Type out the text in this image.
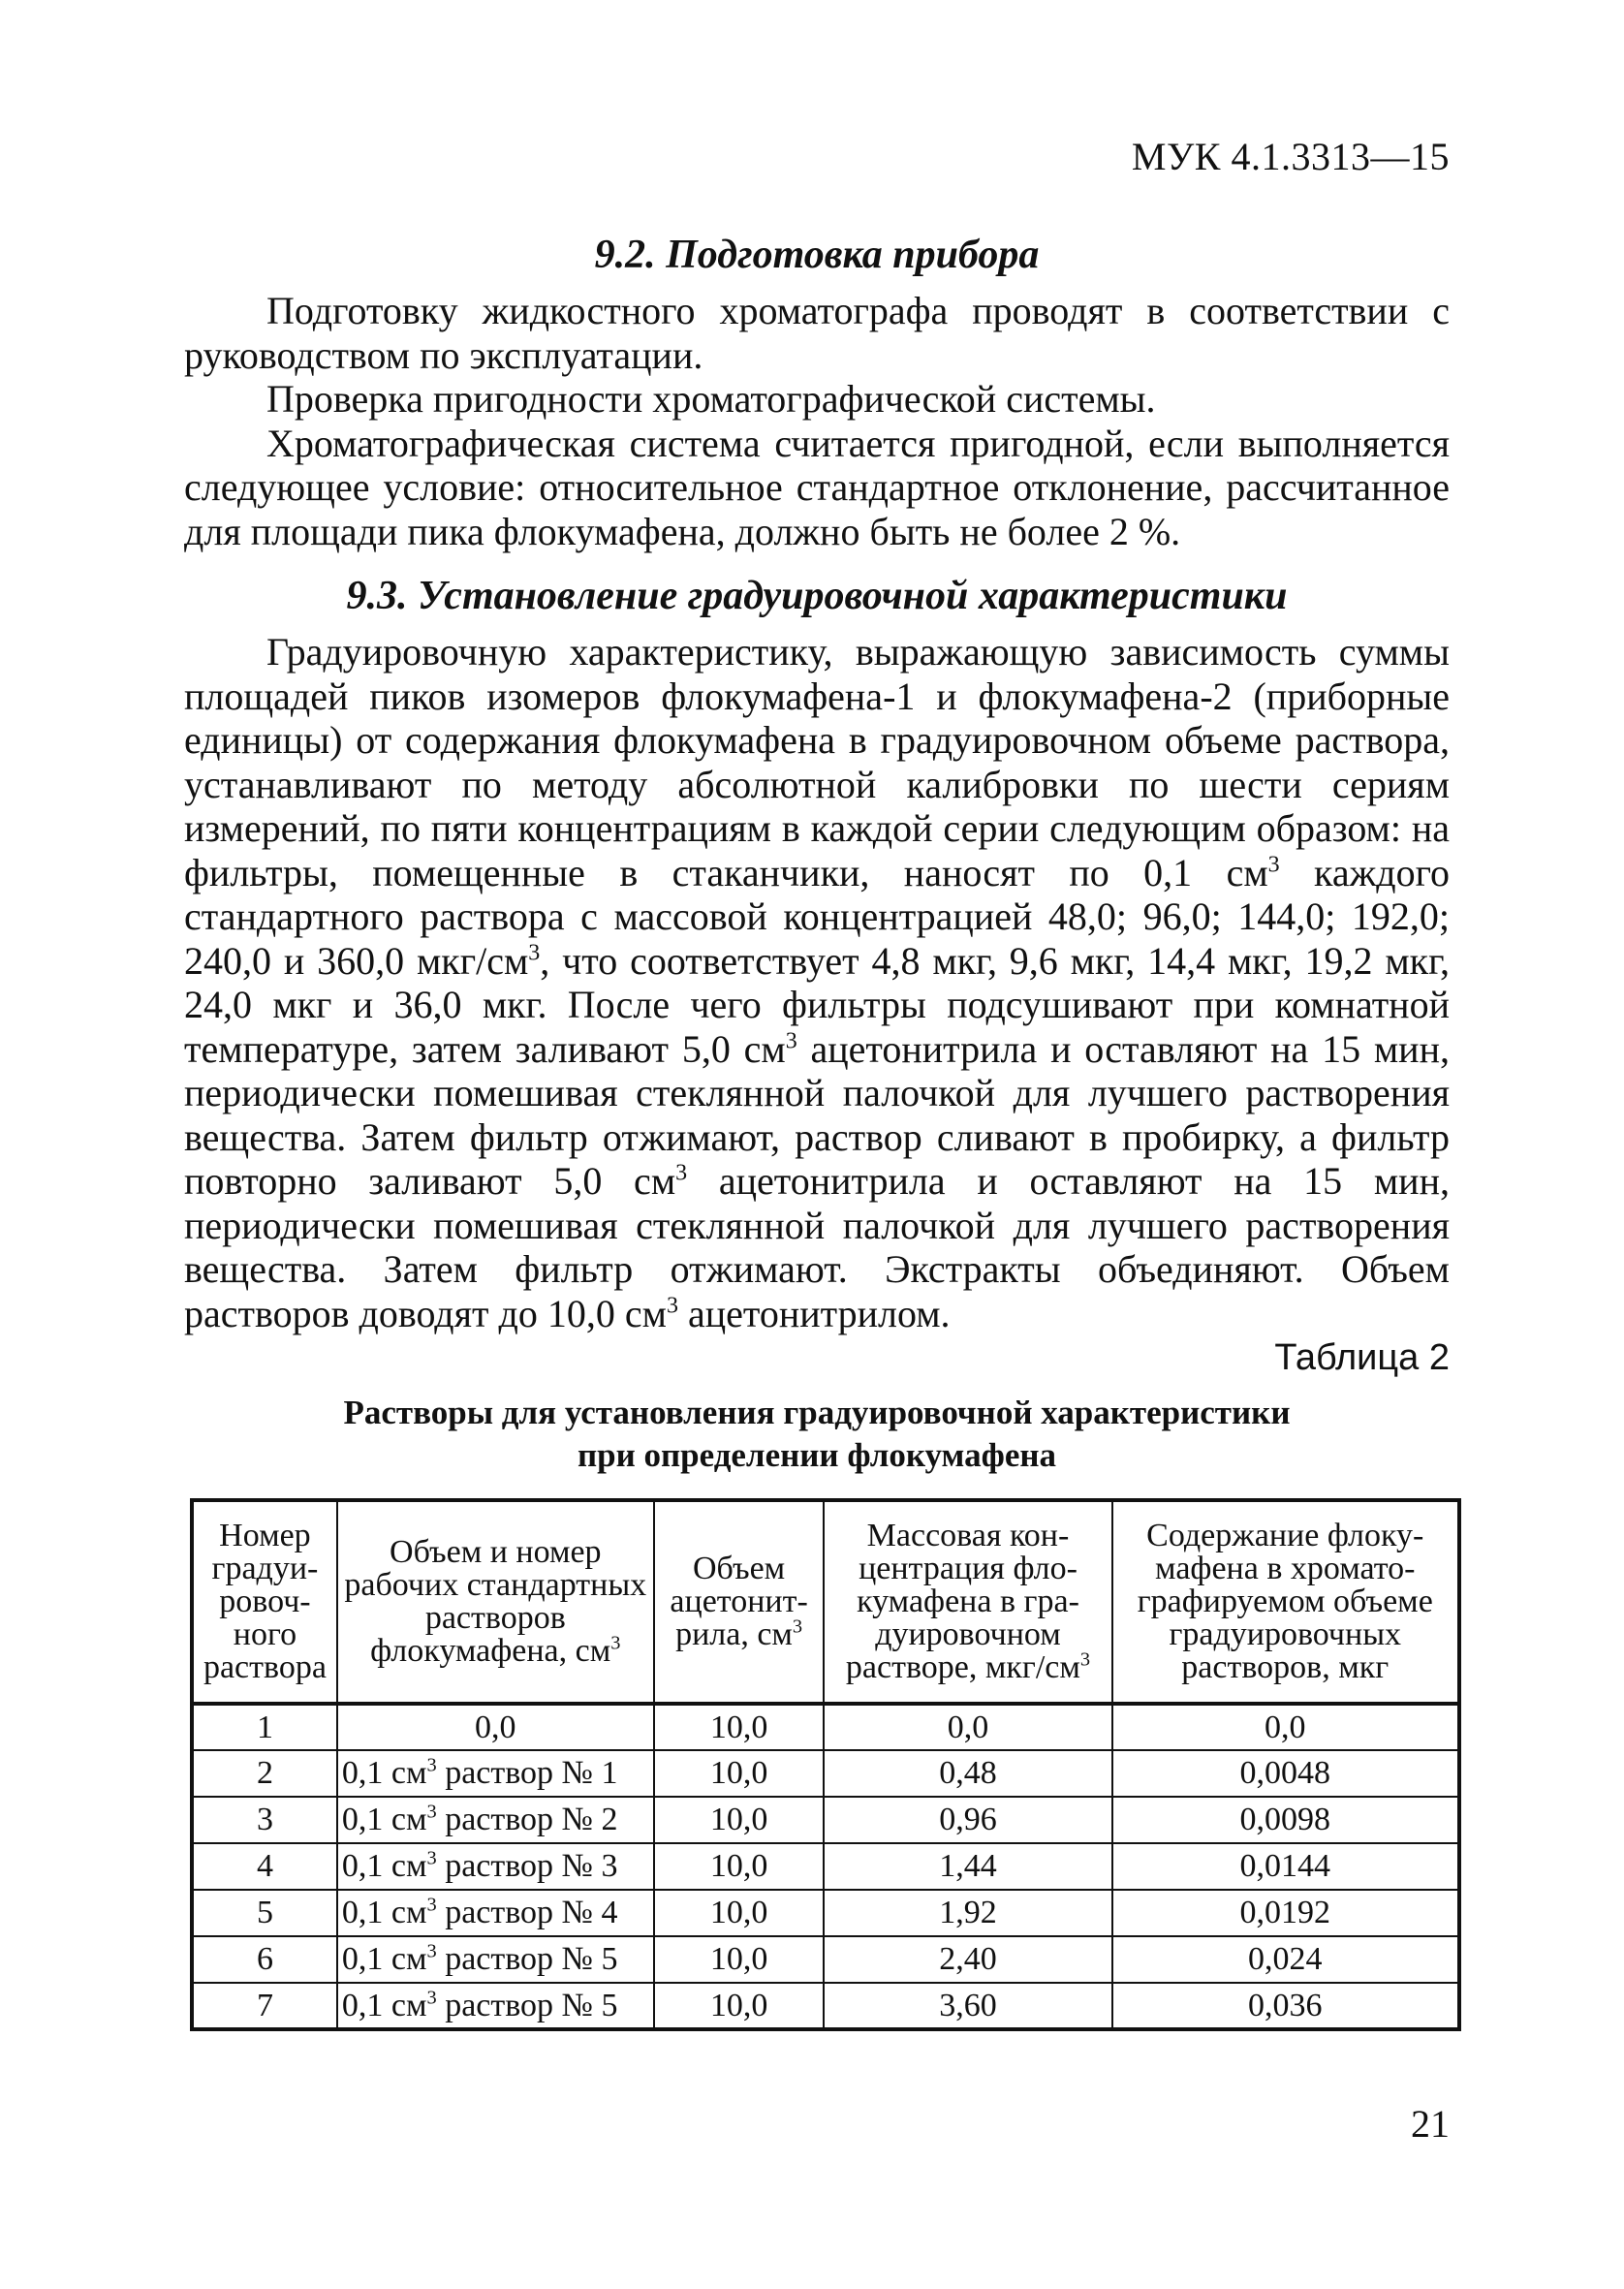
МУК 4.1.3313—15
9.2. Подготовка прибора

Подготовку жидкостного хроматографа проводят в соответствии с руководством по эксплуатации.

Проверка пригодности хроматографической системы.

Хроматографическая система считается пригодной, если выполняется следующее условие: относительное стандартное отклонение, рассчитанное для площади пика флокумафена, должно быть не более 2 %.

9.3. Установление градуировочной характеристики

Градуировочную характеристику, выражающую зависимость суммы площадей пиков изомеров флокумафена-1 и флокумафена-2 (приборные единицы) от содержания флокумафена в градуировочном объеме раствора, устанавливают по методу абсолютной калибровки по шести сериям измерений, по пяти концентрациям в каждой серии следующим образом: на фильтры, помещенные в стаканчики, наносят по 0,1 $см^3$ каждого стандартного раствора с массовой концентрацией 48,0; 96,0; 144,0; 192,0; 240,0 и 360,0 мкг/$см^3$, что соответствует 4,8 мкг, 9,6 мкг, 14,4 мкг, 19,2 мкг, 24,0 мкг и 36,0 мкг. После чего фильтры подсушивают при комнатной температуре, затем заливают 5,0 $см^3$ ацетонитрила и оставляют на 15 мин, периодически помешивая стеклянной палочкой для лучшего растворения вещества. Затем фильтр отжимают, раствор сливают в пробирку, а фильтр повторно заливают 5,0 $см^3$ ацетонитрила и оставляют на 15 мин, периодически помешивая стеклянной палочкой для лучшего растворения вещества. Затем фильтр отжимают. Экстракты объединяют. Объем растворов доводят до 10,0 $см^3$ ацетонитрилом.

Таблица 2
Растворы для установления градуировочной характеристики
при определении флокумафена
Номер градуировочного раствора	Объем и номер рабочих стандартных растворов флокумафена, $см^3$	Объем ацетонитрила, $см^3$	Массовая концентрация флокумафена в градуировочном растворе, мкг/$см^3$	Содержание флокумафена в хроматографируемом объеме градуировочных растворов, мкг
1	0,0	10,0	0,0	0,0
2	0,1 $см^3$ раствор № 1	10,0	0,48	0,0048
3	0,1 $см^3$ раствор № 2	10,0	0,96	0,0098
4	0,1 $см^3$ раствор № 3	10,0	1,44	0,0144
5	0,1 $см^3$ раствор № 4	10,0	1,92	0,0192
6	0,1 $см^3$ раствор № 5	10,0	2,40	0,024
7	0,1 $см^3$ раствор № 5	10,0	3,60	0,036
21
